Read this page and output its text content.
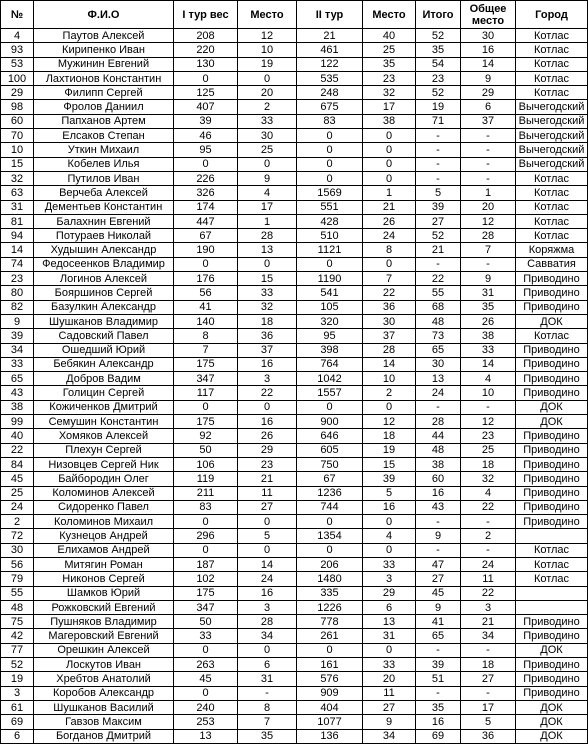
№	Ф.И.О	I тур вес	Место	II тур	Место	Итого	Общее место	Город
4	Паутов Алексей	208	12	21	40	52	30	Котлас
93	Кирипенко Иван	220	10	461	25	35	16	Котлас
53	Мужинин Евгений	130	19	122	35	54	14	Котлас
100	Лахтионов Константин	0	0	535	23	23	9	Котлас
29	Филипп Сергей	125	20	248	32	52	29	Котлас
98	Фролов Даниил	407	2	675	17	19	6	Вычегодский
60	Папханов Артем	39	33	83	38	71	37	Вычегодский
70	Елсаков Степан	46	30	0	0	-	-	Вычегодский
10	Уткин Михаил	95	25	0	0	-	-	Вычегодский
15	Кобелев Илья	0	0	0	0	-	-	Вычегодский
32	Путилов Иван	226	9	0	0	-	-	Котлас
63	Верчеба Алексей	326	4	1569	1	5	1	Котлас
31	Дементьев Константин	174	17	551	21	39	20	Котлас
81	Балахнин Евгений	447	1	428	26	27	12	Котлас
94	Потураев Николай	67	28	510	24	52	28	Котлас
14	Худышин Александр	190	13	1121	8	21	7	Коряжма
74	Федосеенков Владимир	0	0	0	0	-	-	Савватия
23	Логинов Алексей	176	15	1190	7	22	9	Приводино
80	Бояршинов Сергей	56	33	541	22	55	31	Приводино
82	Базулкин Александр	41	32	105	36	68	35	Приводино
9	Шушканов Владимир	140	18	320	30	48	26	ДОК
39	Садовский Павел	8	36	95	37	73	38	Котлас
34	Ошедший Юрий	7	37	398	28	65	33	Приводино
33	Бебякин Александр	175	16	764	14	30	14	Приводино
65	Добров Вадим	347	3	1042	10	13	4	Приводино
43	Голицин Сергей	117	22	1557	2	24	10	Приводино
38	Кожиченков Дмитрий	0	0	0	0	-	-	ДОК
99	Семушин Константин	175	16	900	12	28	12	ДОК
40	Хомяков Алексей	92	26	646	18	44	23	Приводино
22	Плехун Сергей	50	29	605	19	48	25	Приводино
84	Низовцев Сергей Ник	106	23	750	15	38	18	Приводино
45	Байбородин Олег	119	21	67	39	60	32	Приводино
25	Коломинов Алексей	211	11	1236	5	16	4	Приводино
24	Сидоренко Павел	83	27	744	16	43	22	Приводино
2	Коломинов Михаил	0	0	0	0	-	-	Приводино
72	Кузнецов Андрей	296	5	1354	4	9	2	
30	Елихамов Андрей	0	0	0	0	-	-	Котлас
56	Митягин Роман	187	14	206	33	47	24	Котлас
79	Никонов Сергей	102	24	1480	3	27	11	Котлас
55	Шамков Юрий	175	16	335	29	45	22	
48	Рожковский Евгений	347	3	1226	6	9	3	
75	Пушняков Владимир	50	28	778	13	41	21	Приводино
42	Магеровский Евгений	33	34	261	31	65	34	Приводино
77	Орешкин Алексей	0	0	0	0	-	-	ДОК
52	Лоскутов Иван	263	6	161	33	39	18	Приводино
19	Хребтов Анатолий	45	31	576	20	51	27	Приводино
3	Коробов Александр	0	-	909	11	-	-	Приводино
61	Шушканов Василий	240	8	404	27	35	17	ДОК
69	Гавзов Максим	253	7	1077	9	16	5	ДОК
6	Богданов Дмитрий	13	35	136	34	69	36	ДОК
